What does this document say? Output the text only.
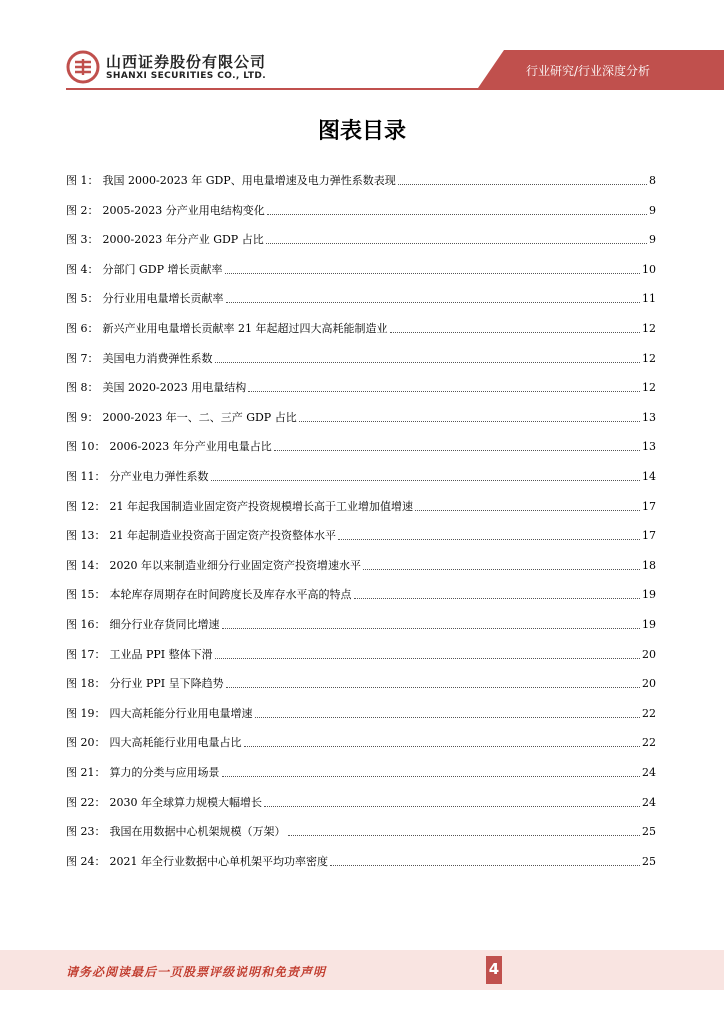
山西证券股份有限公司
SHANXI SECURITIES CO., LTD.	行业研究/行业深度分析
图表目录
图 1： 我国 2000-2023 年 GDP、用电量增速及电力弹性系数表现	8
图 2： 2005-2023 分产业用电结构变化	9
图 3： 2000-2023 年分产业 GDP 占比	9
图 4： 分部门 GDP 增长贡献率	10
图 5： 分行业用电量增长贡献率	11
图 6： 新兴产业用电量增长贡献率 21 年起超过四大高耗能制造业	12
图 7： 美国电力消费弹性系数	12
图 8： 美国 2020-2023 用电量结构	12
图 9： 2000-2023 年一、二、三产 GDP 占比	13
图 10： 2006-2023 年分产业用电量占比	13
图 11： 分产业电力弹性系数	14
图 12： 21 年起我国制造业固定资产投资规模增长高于工业增加值增速	17
图 13： 21 年起制造业投资高于固定资产投资整体水平	17
图 14： 2020 年以来制造业细分行业固定资产投资增速水平	18
图 15： 本轮库存周期存在时间跨度长及库存水平高的特点	19
图 16： 细分行业存货同比增速	19
图 17： 工业品 PPI 整体下滑	20
图 18： 分行业 PPI 呈下降趋势	20
图 19： 四大高耗能分行业用电量增速	22
图 20： 四大高耗能行业用电量占比	22
图 21： 算力的分类与应用场景	24
图 22： 2030 年全球算力规模大幅增长	24
图 23： 我国在用数据中心机架规模（万架）	25
图 24： 2021 年全行业数据中心单机架平均功率密度	25
请务必阅读最后一页股票评级说明和免责声明	4
